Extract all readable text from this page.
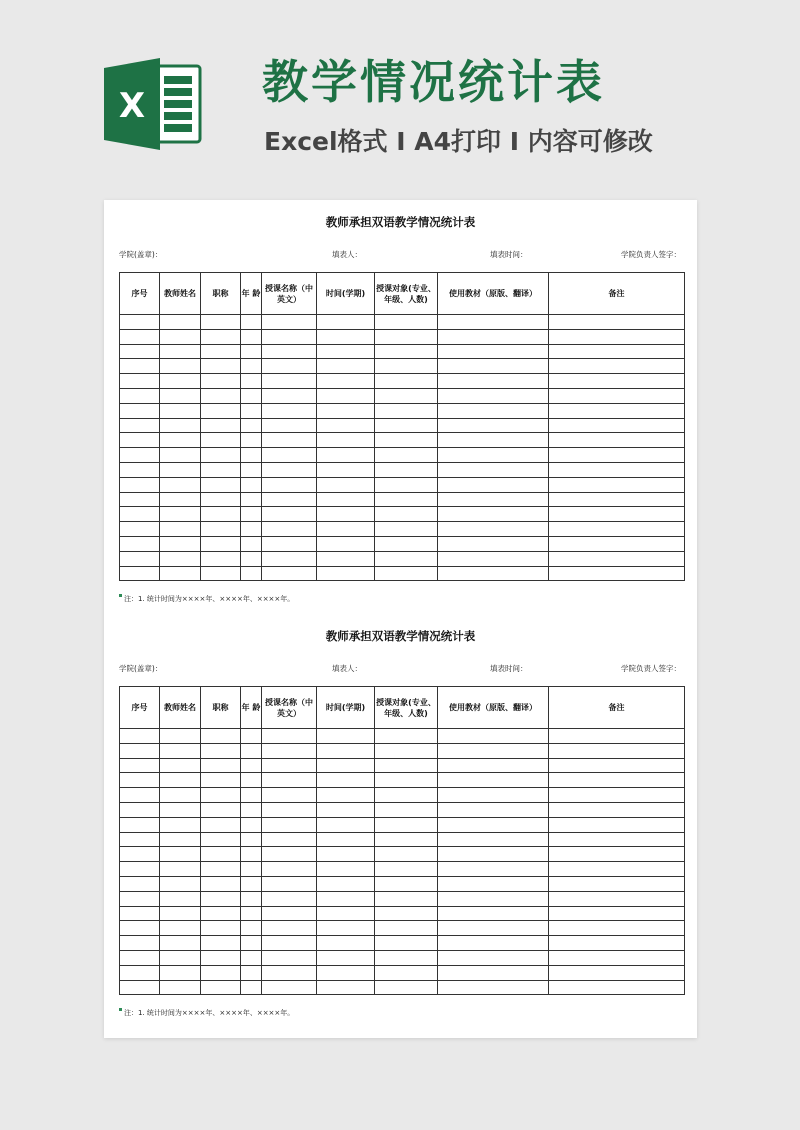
X	教学情况统计表
Excel格式 I A4打印 I 内容可修改
教师承担双语教学情况统计表
学院(盖章)：	填表人：	填表时间：	学院负责人签字：
序号	教师姓名	职称	年 龄	授课名称（中英文）	时间(学期)	授课对象(专业、年级、人数)	使用教材（原版、翻译）	备注

注：1. 统计时间为××××年、××××年、××××年。
教师承担双语教学情况统计表
学院(盖章)：	填表人：	填表时间：	学院负责人签字：
序号	教师姓名	职称	年 龄	授课名称（中英文）	时间(学期)	授课对象(专业、年级、人数)	使用教材（原版、翻译）	备注

注：1. 统计时间为××××年、××××年、××××年。
